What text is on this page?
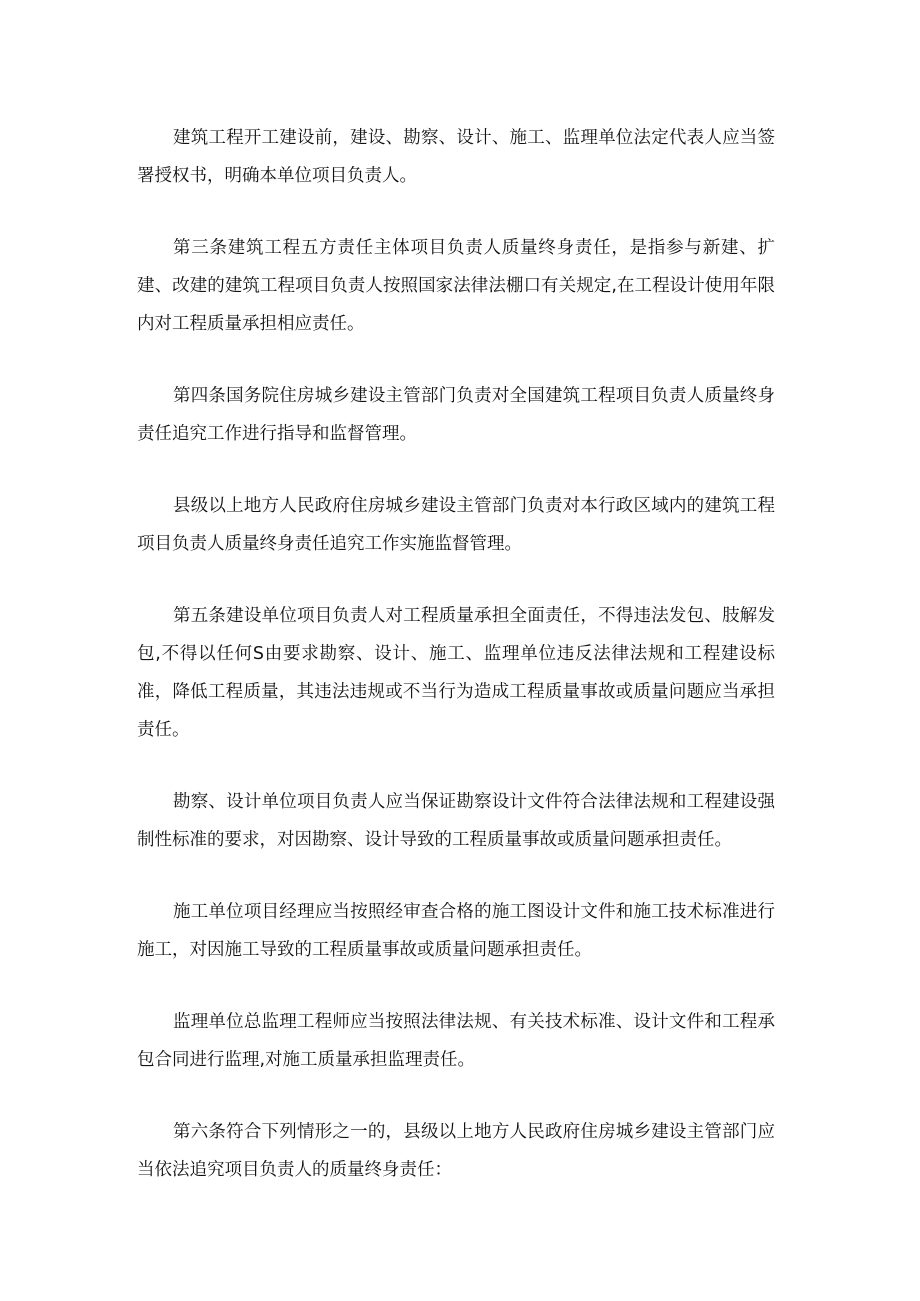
建筑工程开工建设前，建设、勘察、设计、施工、监理单位法定代表人应当签署授权书，明确本单位项目负责人。

第三条建筑工程五方责任主体项目负责人质量终身责任，是指参与新建、扩建、改建的建筑工程项目负责人按照国家法律法棚口有关规定,在工程设计使用年限内对工程质量承担相应责任。

第四条国务院住房城乡建设主管部门负责对全国建筑工程项目负责人质量终身责任追究工作进行指导和监督管理。

县级以上地方人民政府住房城乡建设主管部门负责对本行政区域内的建筑工程项目负责人质量终身责任追究工作实施监督管理。

第五条建设单位项目负责人对工程质量承担全面责任，不得违法发包、肢解发包,不得以任何S由要求勘察、设计、施工、监理单位违反法律法规和工程建设标准，降低工程质量，其违法违规或不当行为造成工程质量事故或质量问题应当承担责任。

勘察、设计单位项目负责人应当保证勘察设计文件符合法律法规和工程建设强制性标准的要求，对因勘察、设计导致的工程质量事故或质量问题承担责任。

施工单位项目经理应当按照经审查合格的施工图设计文件和施工技术标准进行施工，对因施工导致的工程质量事故或质量问题承担责任。

监理单位总监理工程师应当按照法律法规、有关技术标准、设计文件和工程承包合同进行监理,对施工质量承担监理责任。

第六条符合下列情形之一的，县级以上地方人民政府住房城乡建设主管部门应当依法追究项目负责人的质量终身责任：
